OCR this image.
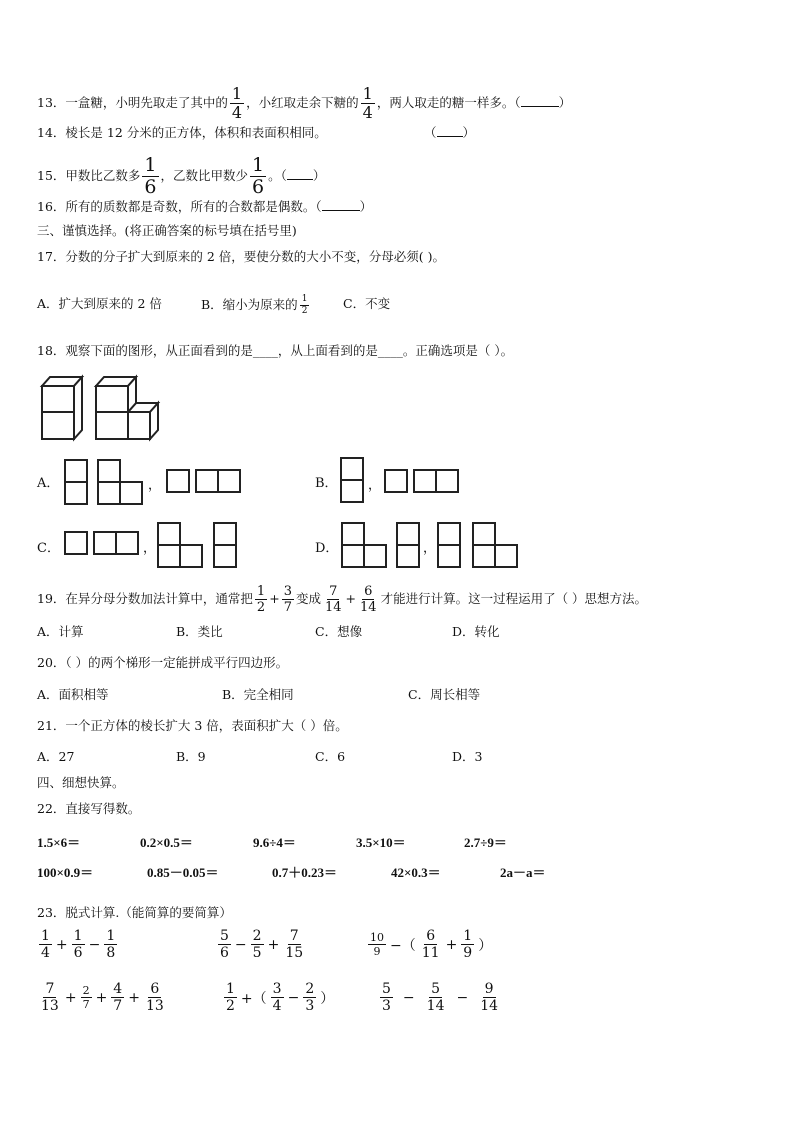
13．一盒糖，小明先取走了其中的 $\frac{1}{4}$ ，小红取走余下糖的 $\frac{1}{4}$ ，两人取走的糖一样多。（	）
14．棱长是 12 分米的正方体，体积和表面积相同。	（ ）
15．甲数比乙数多 $\frac{1}{6}$ ，乙数比甲数少 $\frac{1}{6}$ 。（ ）
16．所有的质数都是奇数，所有的合数都是偶数。（	）
三、谨慎选择。(将正确答案的标号填在括号里)
17．分数的分子扩大到原来的 2 倍，要使分数的大小不变，分母必须( )。
A．扩大到原来的 2 倍	B．缩小为原来的 $\frac{1}{2}$	C．不变
18．观察下面的图形，从正面看到的是____，从上面看到的是____。正确选项是（ ）。
A．	，	B． ，
C．	，	D．	，
19．在异分母分数加法计算中，通常把 $\frac{1}{2} + \frac{3}{7}$ 变成 $\frac{7}{14} + \frac{6}{14}$ 才能进行计算。这一过程运用了（ ）思想方法。
A．计算	B．类比	C．想像	D．转化
20．（ ）的两个梯形一定能拼成平行四边形。
A．面积相等	B．完全相同	C．周长相等
21．一个正方体的棱长扩大 3 倍，表面积扩大（ ）倍。
A．27	B．9	C．6	D．3
四、细想快算。
22．直接写得数。
1.5×6＝	0.2×0.5＝	9.6÷4＝	3.5×10＝	2.7÷9＝
100×0.9＝	0.85－0.05＝	0.7＋0.23＝	42×0.3＝	2a－a＝
23．脱式计算.（能简算的要简算）
$\frac{1}{4} + \frac{1}{6} - \frac{1}{8}$	$\frac{5}{6} - \frac{2}{5} + \frac{7}{15}$	$\frac{10}{9}$ −（ $\frac{6}{11} + \frac{1}{9}$ ）
$\frac{7}{13} + \frac{2}{7} + \frac{4}{7} + \frac{6}{13}$	$\frac{1}{2}$ +（ $\frac{3}{4} - \frac{2}{3}$ ）	$\frac{5}{3} - \frac{5}{14} - \frac{9}{14}$
